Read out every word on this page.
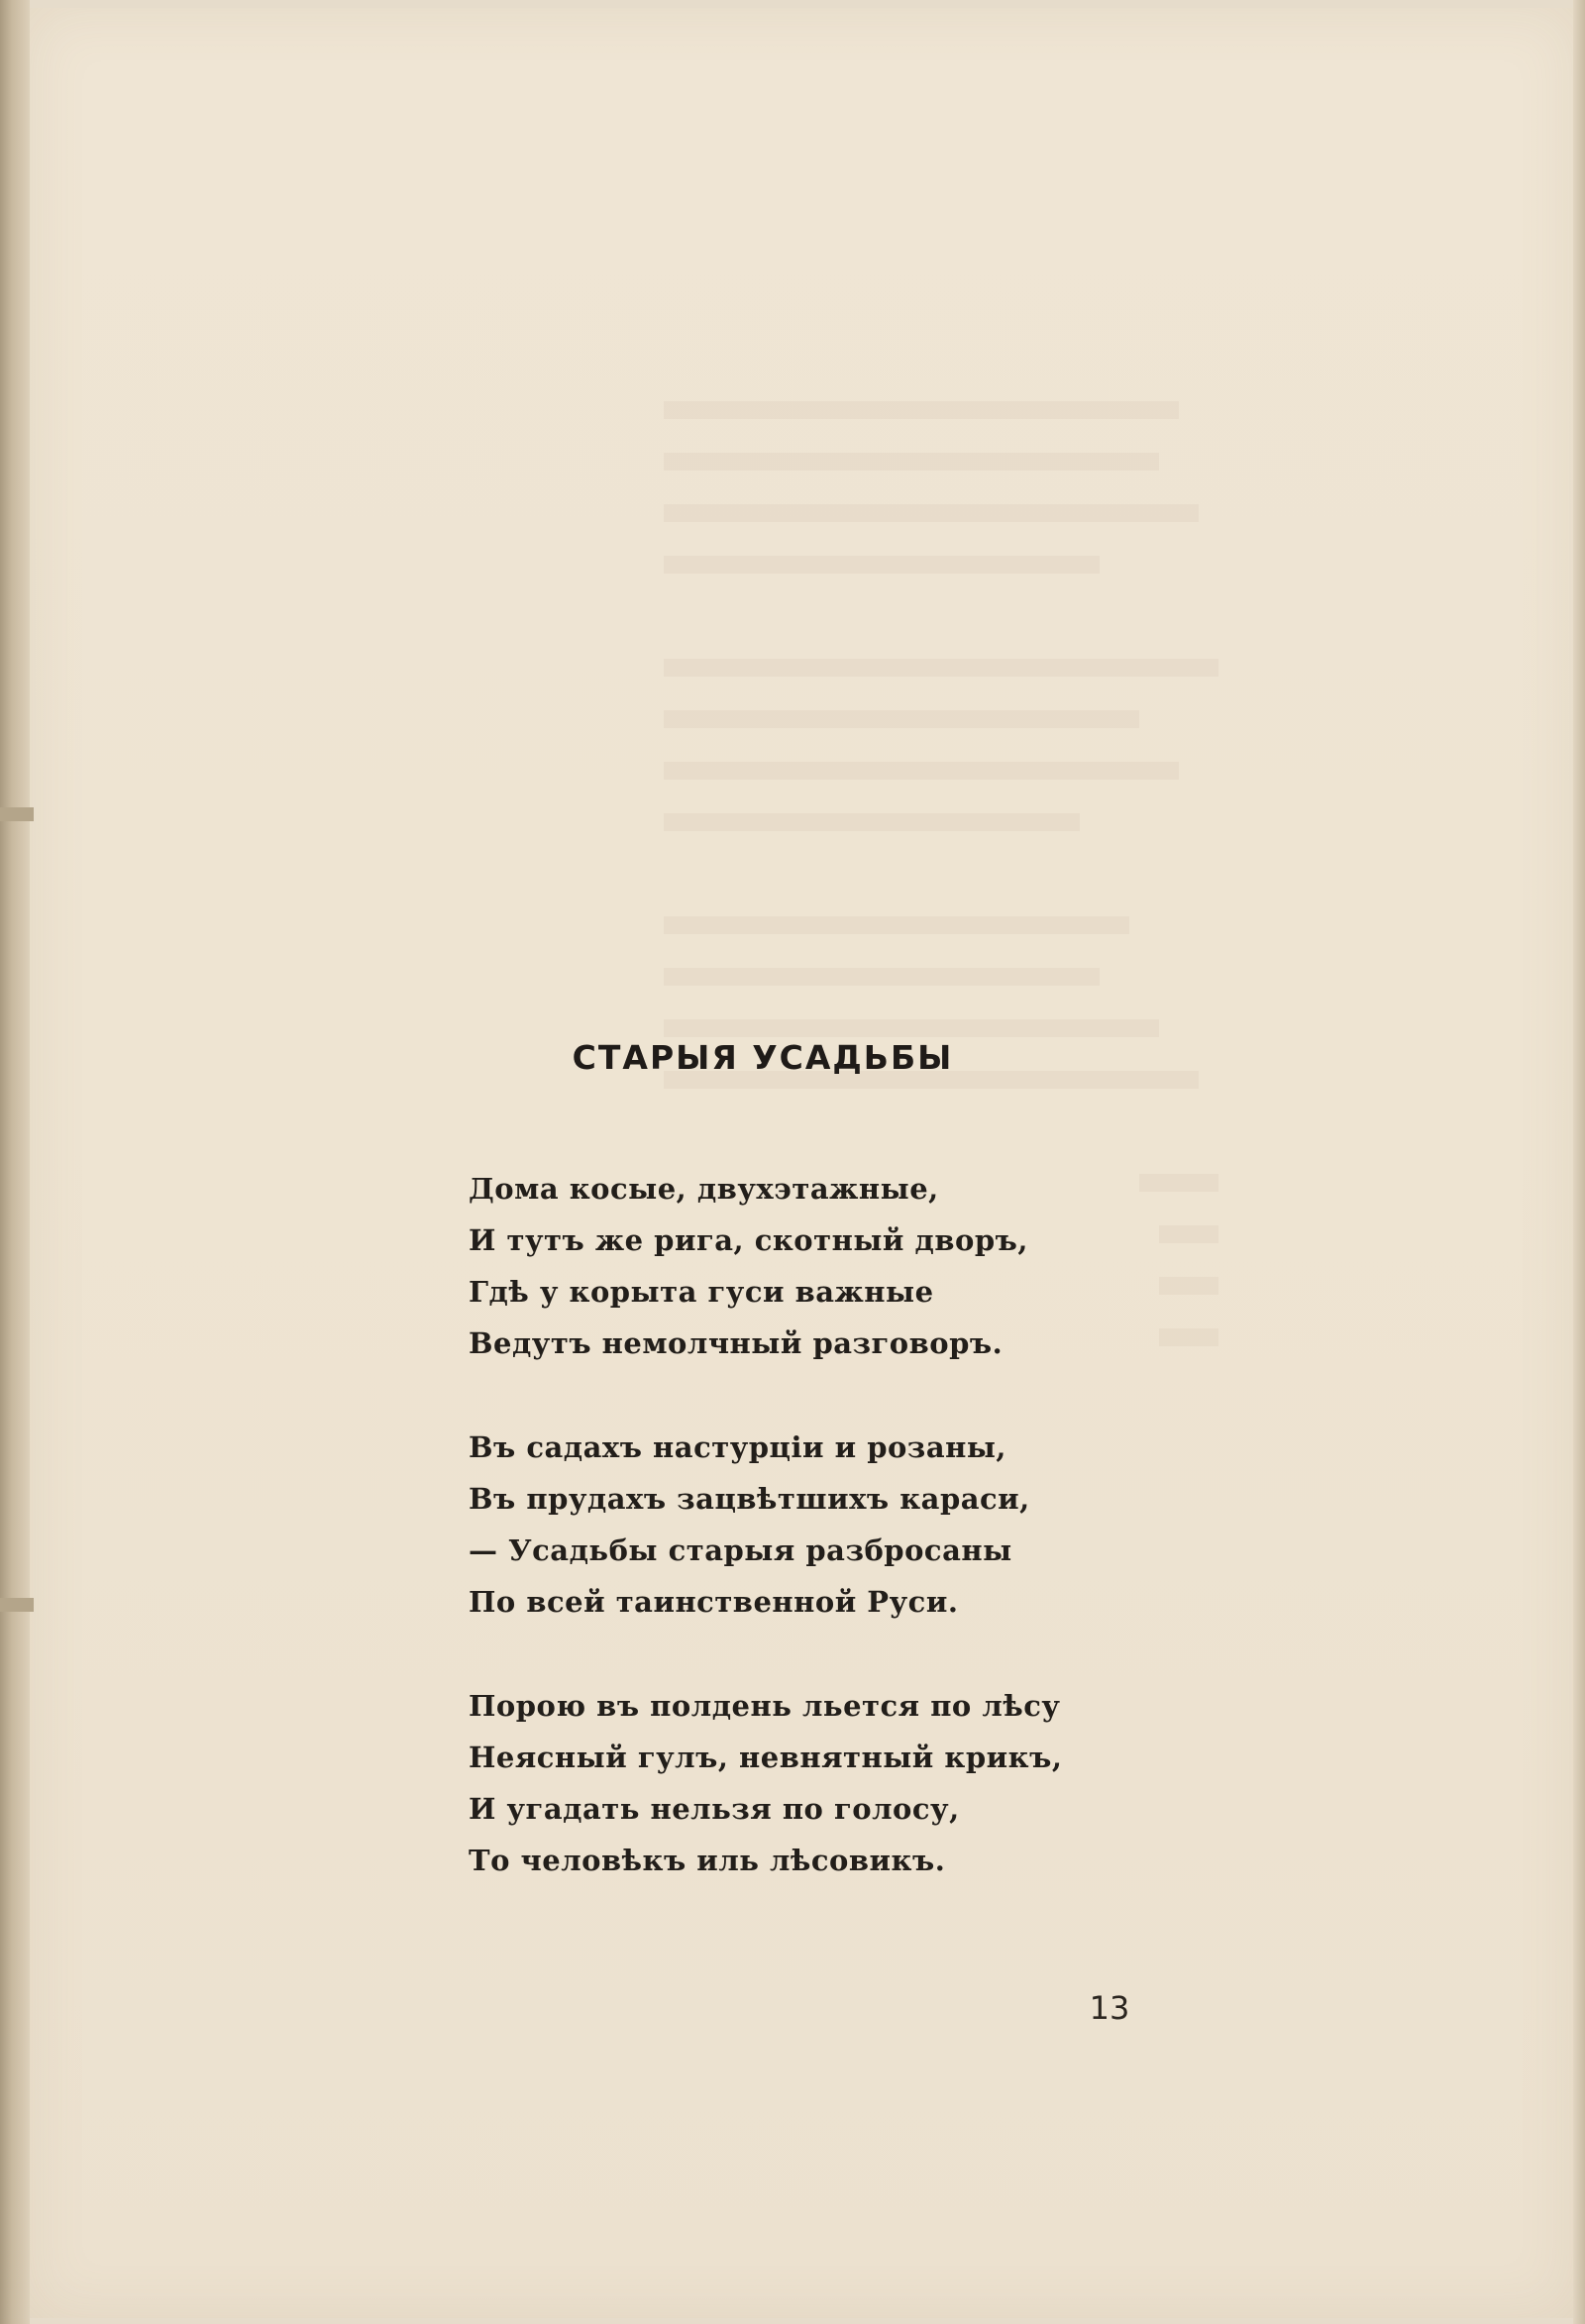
СТАРЫЯ УСАДЬБЫ
Дома косые, двухэтажные,
И тутъ же рига, скотный дворъ,
Гдѣ у корыта гуси важные
Ведутъ немолчный разговоръ.
Въ садахъ настурціи и розаны,
Въ прудахъ зацвѣтшихъ караси,
— Усадьбы старыя разбросаны
По всей таинственной Руси.
Порою въ полдень льется по лѣсу
Неясный гулъ, невнятный крикъ,
И угадать нельзя по голосу,
То человѣкъ иль лѣсовикъ.
13
